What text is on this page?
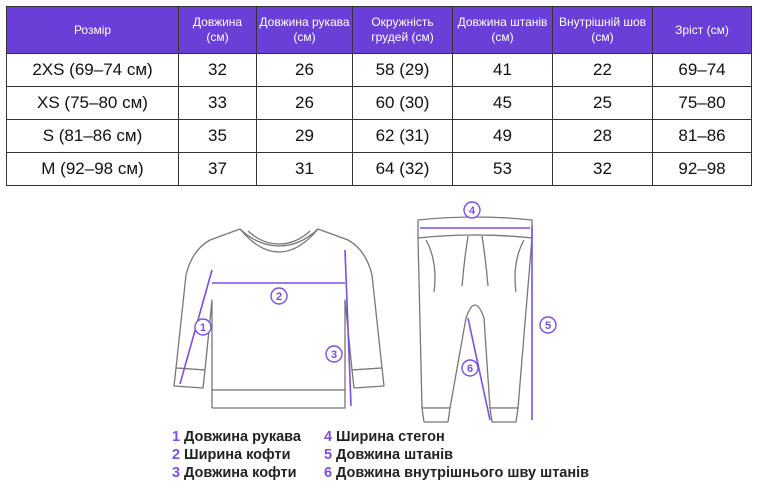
Розмір	Довжина (см)	Довжина рукава (см)	Окружність грудей (см)	Довжина штанів (см)	Внутрішній шов (см)	Зріст (см)
2XS (69–74 см)	32	26	58 (29)	41	22	69–74
XS (75–80 см)	33	26	60 (30)	45	25	75–80
S (81–86 см)	35	29	62 (31)	49	28	81–86
M (92–98 см)	37	31	64 (32)	53	32	92–98
1
2
3
4
5
6
1 Довжина рукава
2 Ширина кофти
3 Довжина кофти
4 Ширина стегон
5 Довжина штанів
6 Довжина внутрішнього шву штанів
